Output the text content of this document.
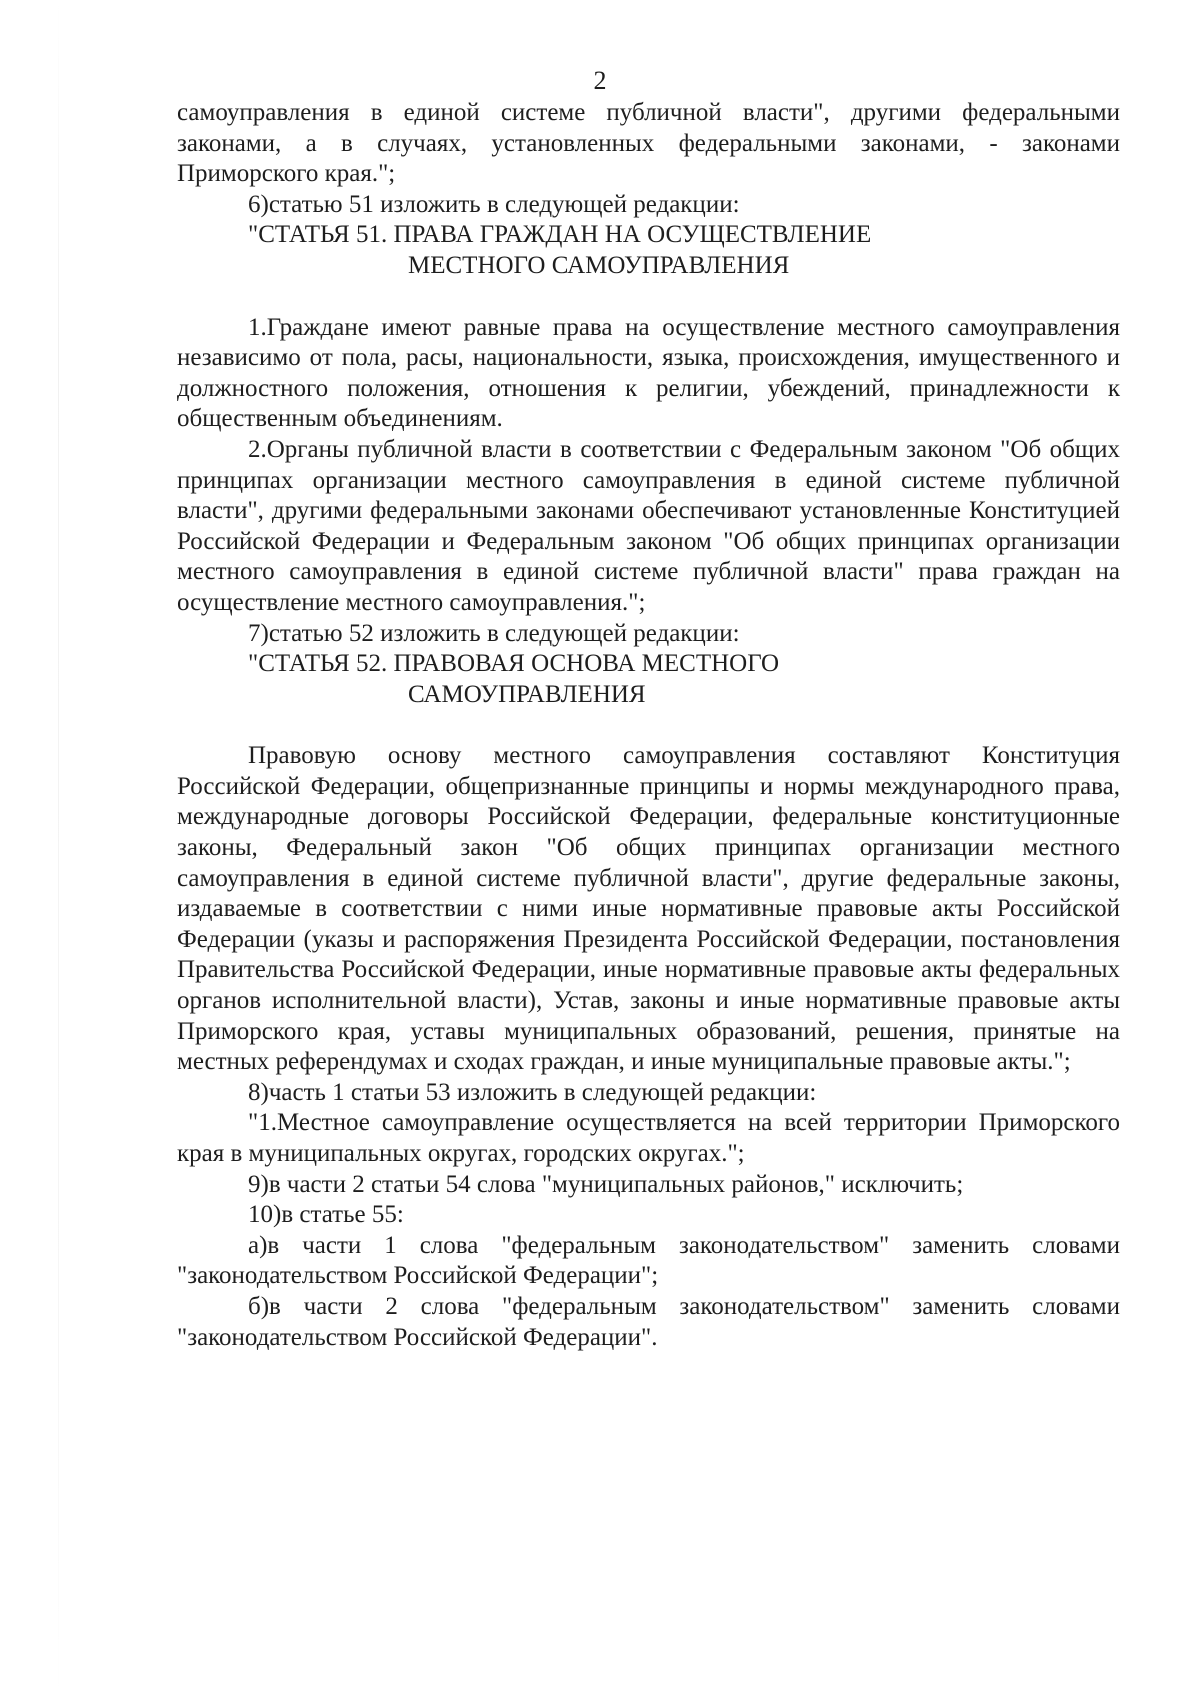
2

самоуправления в единой системе публичной власти", другими федеральными законами, а в случаях, установленных федеральными законами, - законами Приморского края.";

6)статью 51 изложить в следующей редакции:

"СТАТЬЯ 51. ПРАВА ГРАЖДАН НА ОСУЩЕСТВЛЕНИЕ
МЕСТНОГО САМОУПРАВЛЕНИЯ

1.Граждане имеют равные права на осуществление местного самоуправления независимо от пола, расы, национальности, языка, происхождения, имущественного и должностного положения, отношения к религии, убеждений, принадлежности к общественным объединениям.

2.Органы публичной власти в соответствии с Федеральным законом "Об общих принципах организации местного самоуправления в единой системе публичной власти", другими федеральными законами обеспечивают установленные Конституцией Российской Федерации и Федеральным законом "Об общих принципах организации местного самоуправления в единой системе публичной власти" права граждан на осуществление местного самоуправления.";

7)статью 52 изложить в следующей редакции:

"СТАТЬЯ 52. ПРАВОВАЯ ОСНОВА МЕСТНОГО
САМОУПРАВЛЕНИЯ

Правовую основу местного самоуправления составляют Конституция Российской Федерации, общепризнанные принципы и нормы международного права, международные договоры Российской Федерации, федеральные конституционные законы, Федеральный закон "Об общих принципах организации местного самоуправления в единой системе публичной власти", другие федеральные законы, издаваемые в соответствии с ними иные нормативные правовые акты Российской Федерации (указы и распоряжения Президента Российской Федерации, постановления Правительства Российской Федерации, иные нормативные правовые акты федеральных органов исполнительной власти), Устав, законы и иные нормативные правовые акты Приморского края, уставы муниципальных образований, решения, принятые на местных референдумах и сходах граждан, и иные муниципальные правовые акты.";

8)часть 1 статьи 53 изложить в следующей редакции:

"1.Местное самоуправление осуществляется на всей территории Приморского края в муниципальных округах, городских округах.";

9)в части 2 статьи 54 слова "муниципальных районов," исключить;

10)в статье 55:

а)в части 1 слова "федеральным законодательством" заменить словами "законодательством Российской Федерации";

б)в части 2 слова "федеральным законодательством" заменить словами "законодательством Российской Федерации".
